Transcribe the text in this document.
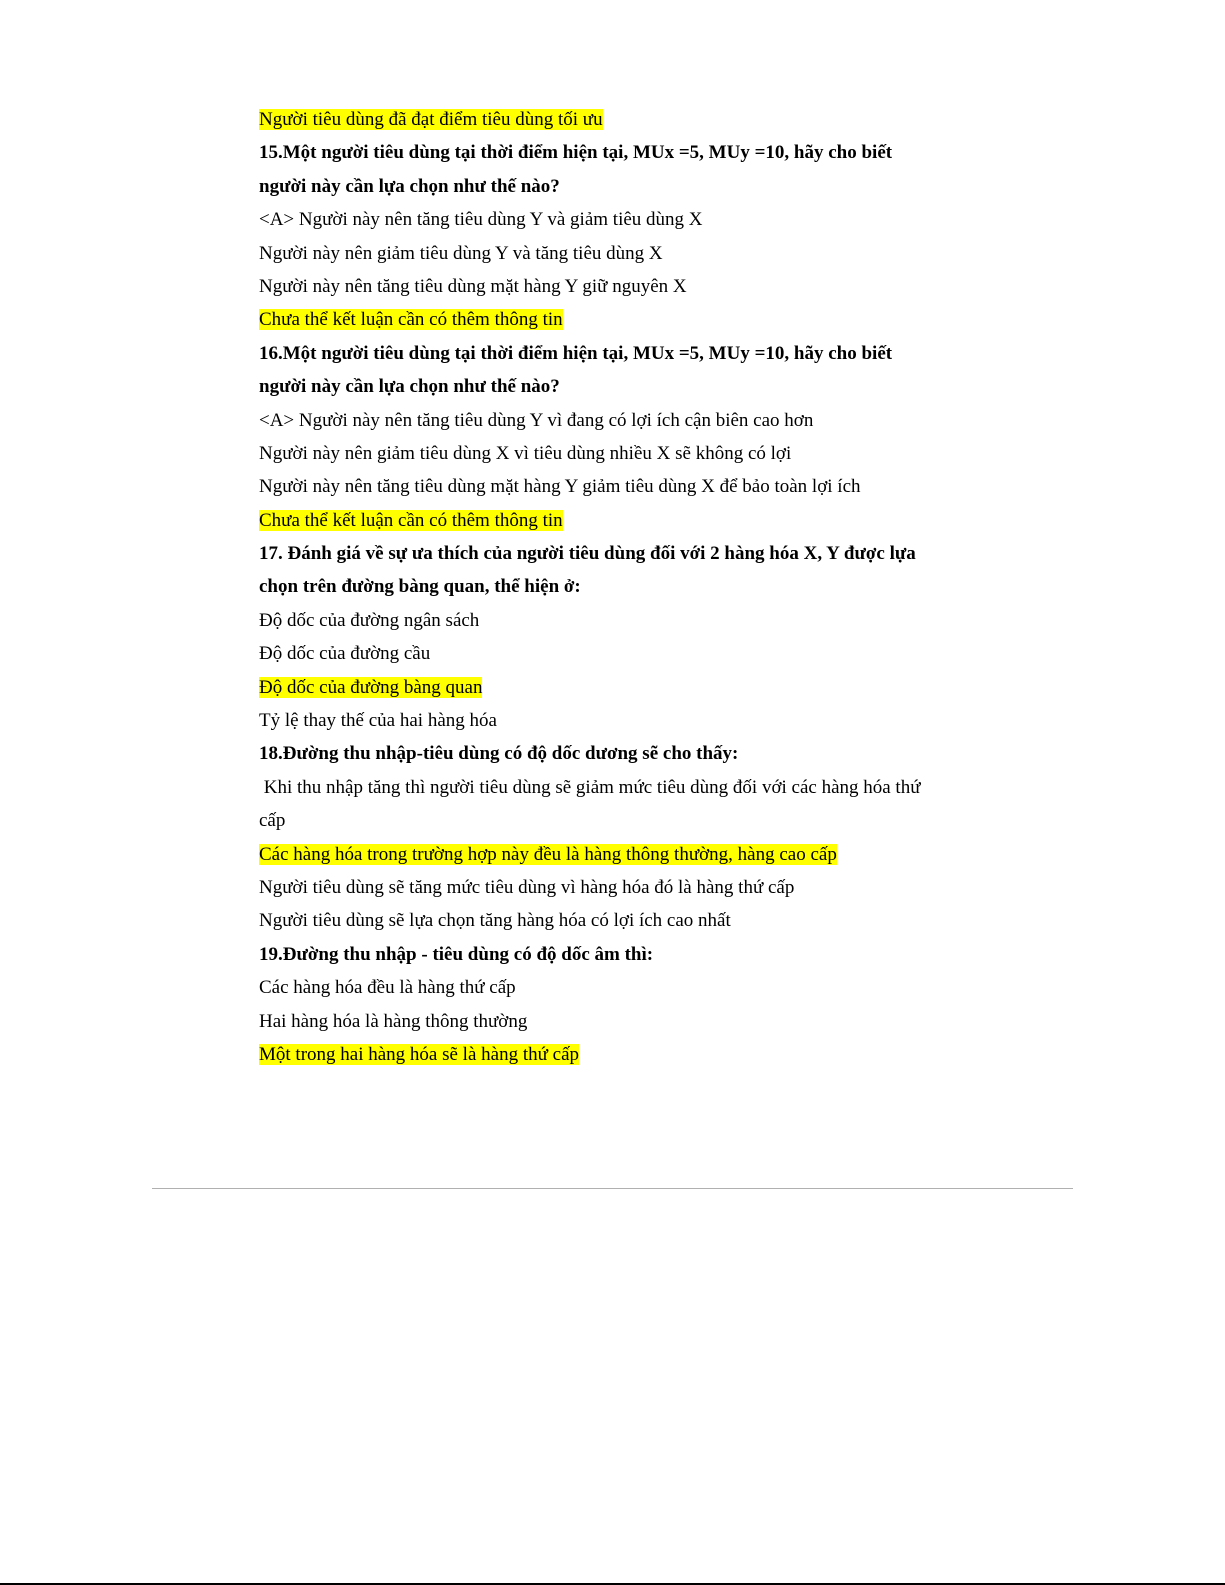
Người tiêu dùng đã đạt điểm tiêu dùng tối ưu
15.Một người tiêu dùng tại thời điểm hiện tại, MUx =5, MUy =10, hãy cho biết
người này cần lựa chọn như thế nào?
<A> Người này nên tăng tiêu dùng Y và giảm tiêu dùng X
Người này nên giảm tiêu dùng Y và tăng tiêu dùng X
Người này nên tăng tiêu dùng mặt hàng Y giữ nguyên X
Chưa thể kết luận cần có thêm thông tin
16.Một người tiêu dùng tại thời điểm hiện tại, MUx =5, MUy =10, hãy cho biết
người này cần lựa chọn như thế nào?
<A> Người này nên tăng tiêu dùng Y vì đang có lợi ích cận biên cao hơn
Người này nên giảm tiêu dùng X vì tiêu dùng nhiều X sẽ không có lợi
Người này nên tăng tiêu dùng mặt hàng Y giảm tiêu dùng X để bảo toàn lợi ích
Chưa thể kết luận cần có thêm thông tin
17. Đánh giá về sự ưa thích của người tiêu dùng đối với 2 hàng hóa X, Y được lựa
chọn trên đường bàng quan, thể hiện ở:
Độ dốc của đường ngân sách
Độ dốc của đường cầu
Độ dốc của đường bàng quan
Tỷ lệ thay thế của hai hàng hóa
18.Đường thu nhập-tiêu dùng có độ dốc dương sẽ cho thấy:
Khi thu nhập tăng thì người tiêu dùng sẽ giảm mức tiêu dùng đối với các hàng hóa thứ
cấp
Các hàng hóa trong trường hợp này đều là hàng thông thường, hàng cao cấp
Người tiêu dùng sẽ tăng mức tiêu dùng vì hàng hóa đó là hàng thứ cấp
Người tiêu dùng sẽ lựa chọn tăng hàng hóa có lợi ích cao nhất
19.Đường thu nhập - tiêu dùng có độ dốc âm thì:
Các hàng hóa đều là hàng thứ cấp
Hai hàng hóa là hàng thông thường
Một trong hai hàng hóa sẽ là hàng thứ cấp
